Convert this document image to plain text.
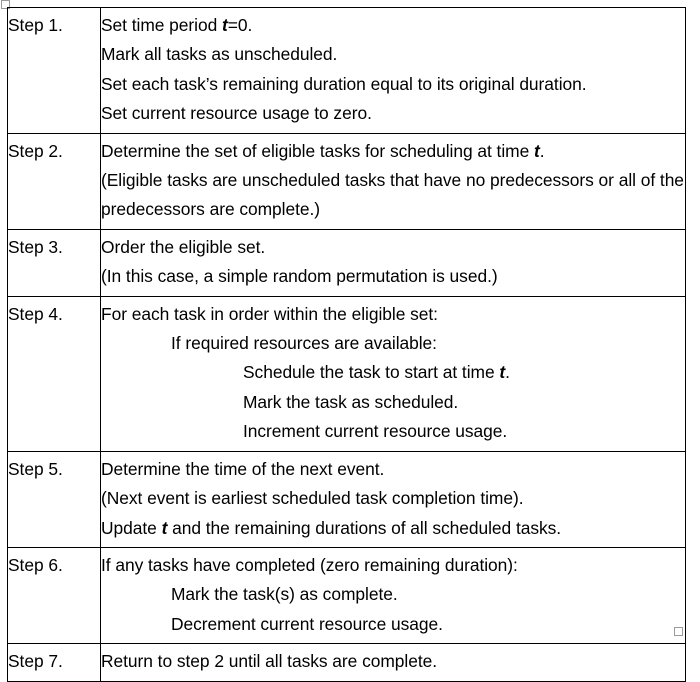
Step 1.	Set time period t=0.
Mark all tasks as unscheduled.
Set each task’s remaining duration equal to its original duration.
Set current resource usage to zero.

Step 2.	Determine the set of eligible tasks for scheduling at time t.
(Eligible tasks are unscheduled tasks that have no predecessors or all of the predecessors are complete.)

Step 3.	Order the eligible set.
(In this case, a simple random permutation is used.)

Step 4.	For each task in order within the eligible set:
If required resources are available:
Schedule the task to start at time t.
Mark the task as scheduled.
Increment current resource usage.

Step 5.	Determine the time of the next event.
(Next event is earliest scheduled task completion time).
Update t and the remaining durations of all scheduled tasks.

Step 6.	If any tasks have completed (zero remaining duration):
Mark the task(s) as complete.
Decrement current resource usage.

Step 7.	Return to step 2 until all tasks are complete.
